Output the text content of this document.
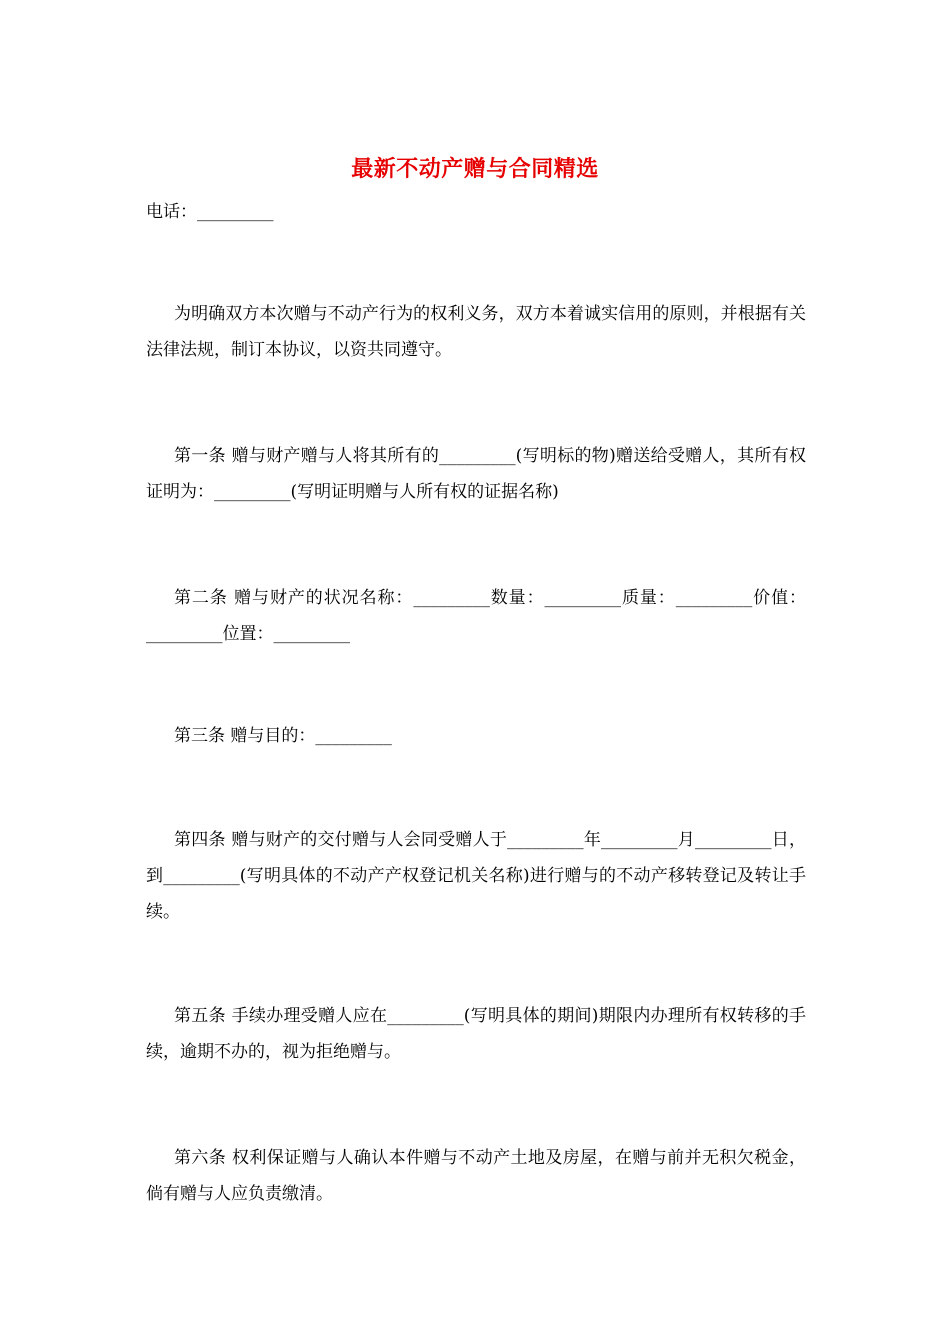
最新不动产赠与合同精选
电话：_________

为明确双方本次赠与不动产行为的权利义务，双方本着诚实信用的原则，并根据有关法律法规，制订本协议，以资共同遵守。

第一条 赠与财产赠与人将其所有的_________(写明标的物)赠送给受赠人，其所有权证明为：_________(写明证明赠与人所有权的证据名称)

第二条 赠与财产的状况名称：_________数量：_________质量：_________价值：_________位置：_________

第三条 赠与目的：_________

第四条 赠与财产的交付赠与人会同受赠人于_________年_________月_________日，到_________(写明具体的不动产产权登记机关名称)进行赠与的不动产移转登记及转让手续。

第五条 手续办理受赠人应在_________(写明具体的期间)期限内办理所有权转移的手续，逾期不办的，视为拒绝赠与。

第六条 权利保证赠与人确认本件赠与不动产土地及房屋，在赠与前并无积欠税金，倘有赠与人应负责缴清。
